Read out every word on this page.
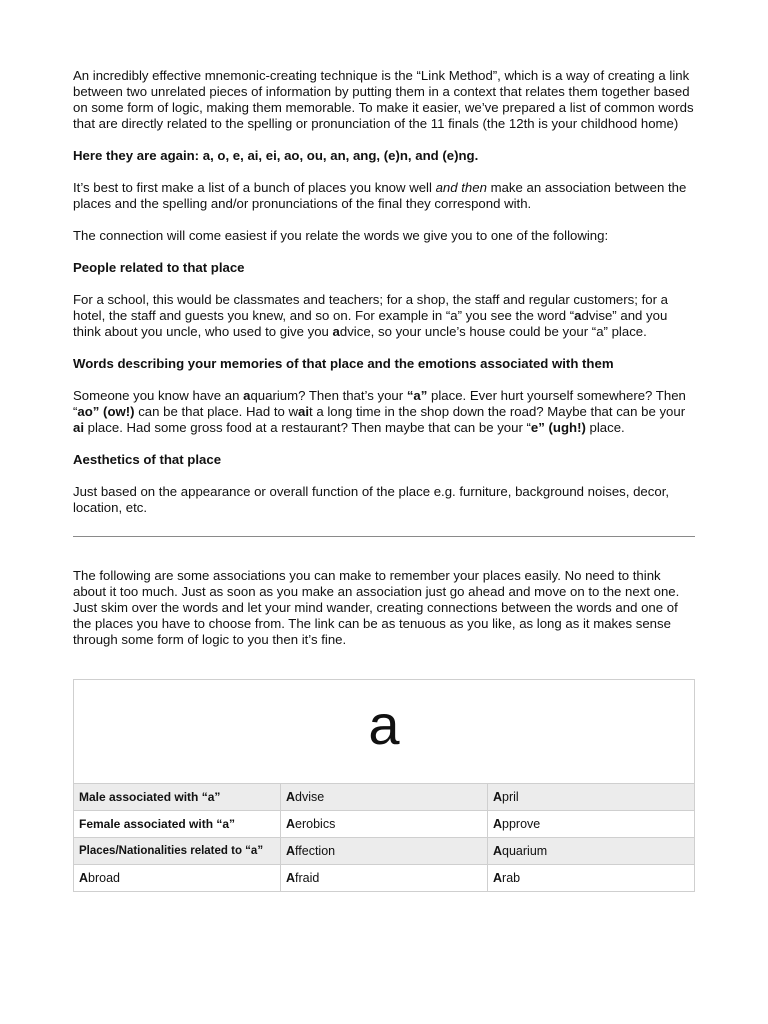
An incredibly effective mnemonic-creating technique is the “Link Method”, which is a way of creating a link between two unrelated pieces of information by putting them in a context that relates them together based on some form of logic, making them memorable. To make it easier, we’ve prepared a list of common words that are directly related to the spelling or pronunciation of the 11 finals (the 12th is your childhood home)

Here they are again: a, o, e, ai, ei, ao, ou, an, ang, (e)n, and (e)ng.

It’s best to first make a list of a bunch of places you know well and then make an association between the places and the spelling and/or pronunciations of the final they correspond with.

The connection will come easiest if you relate the words we give you to one of the following:

People related to that place

For a school, this would be classmates and teachers; for a shop, the staff and regular customers; for a hotel, the staff and guests you knew, and so on. For example in “a” you see the word “advise” and you think about you uncle, who used to give you advice, so your uncle’s house could be your “a” place.

Words describing your memories of that place and the emotions associated with them

Someone you know have an aquarium? Then that’s your “a” place. Ever hurt yourself somewhere? Then “ao” (ow!) can be that place. Had to wait a long time in the shop down the road? Maybe that can be your ai place. Had some gross food at a restaurant? Then maybe that can be your “e” (ugh!) place.

Aesthetics of that place

Just based on the appearance or overall function of the place e.g. furniture, background noises, decor, location, etc.

The following are some associations you can make to remember your places easily. No need to think about it too much. Just as soon as you make an association just go ahead and move on to the next one. Just skim over the words and let your mind wander, creating connections between the words and one of the places you have to choose from. The link can be as tenuous as you like, as long as it makes sense through some form of logic to you then it’s fine.

a		
Male associated with “a”	Advise	April
Female associated with “a”	Aerobics	Approve
Places/Nationalities related to “a”	Affection	Aquarium
Abroad	Afraid	Arab
